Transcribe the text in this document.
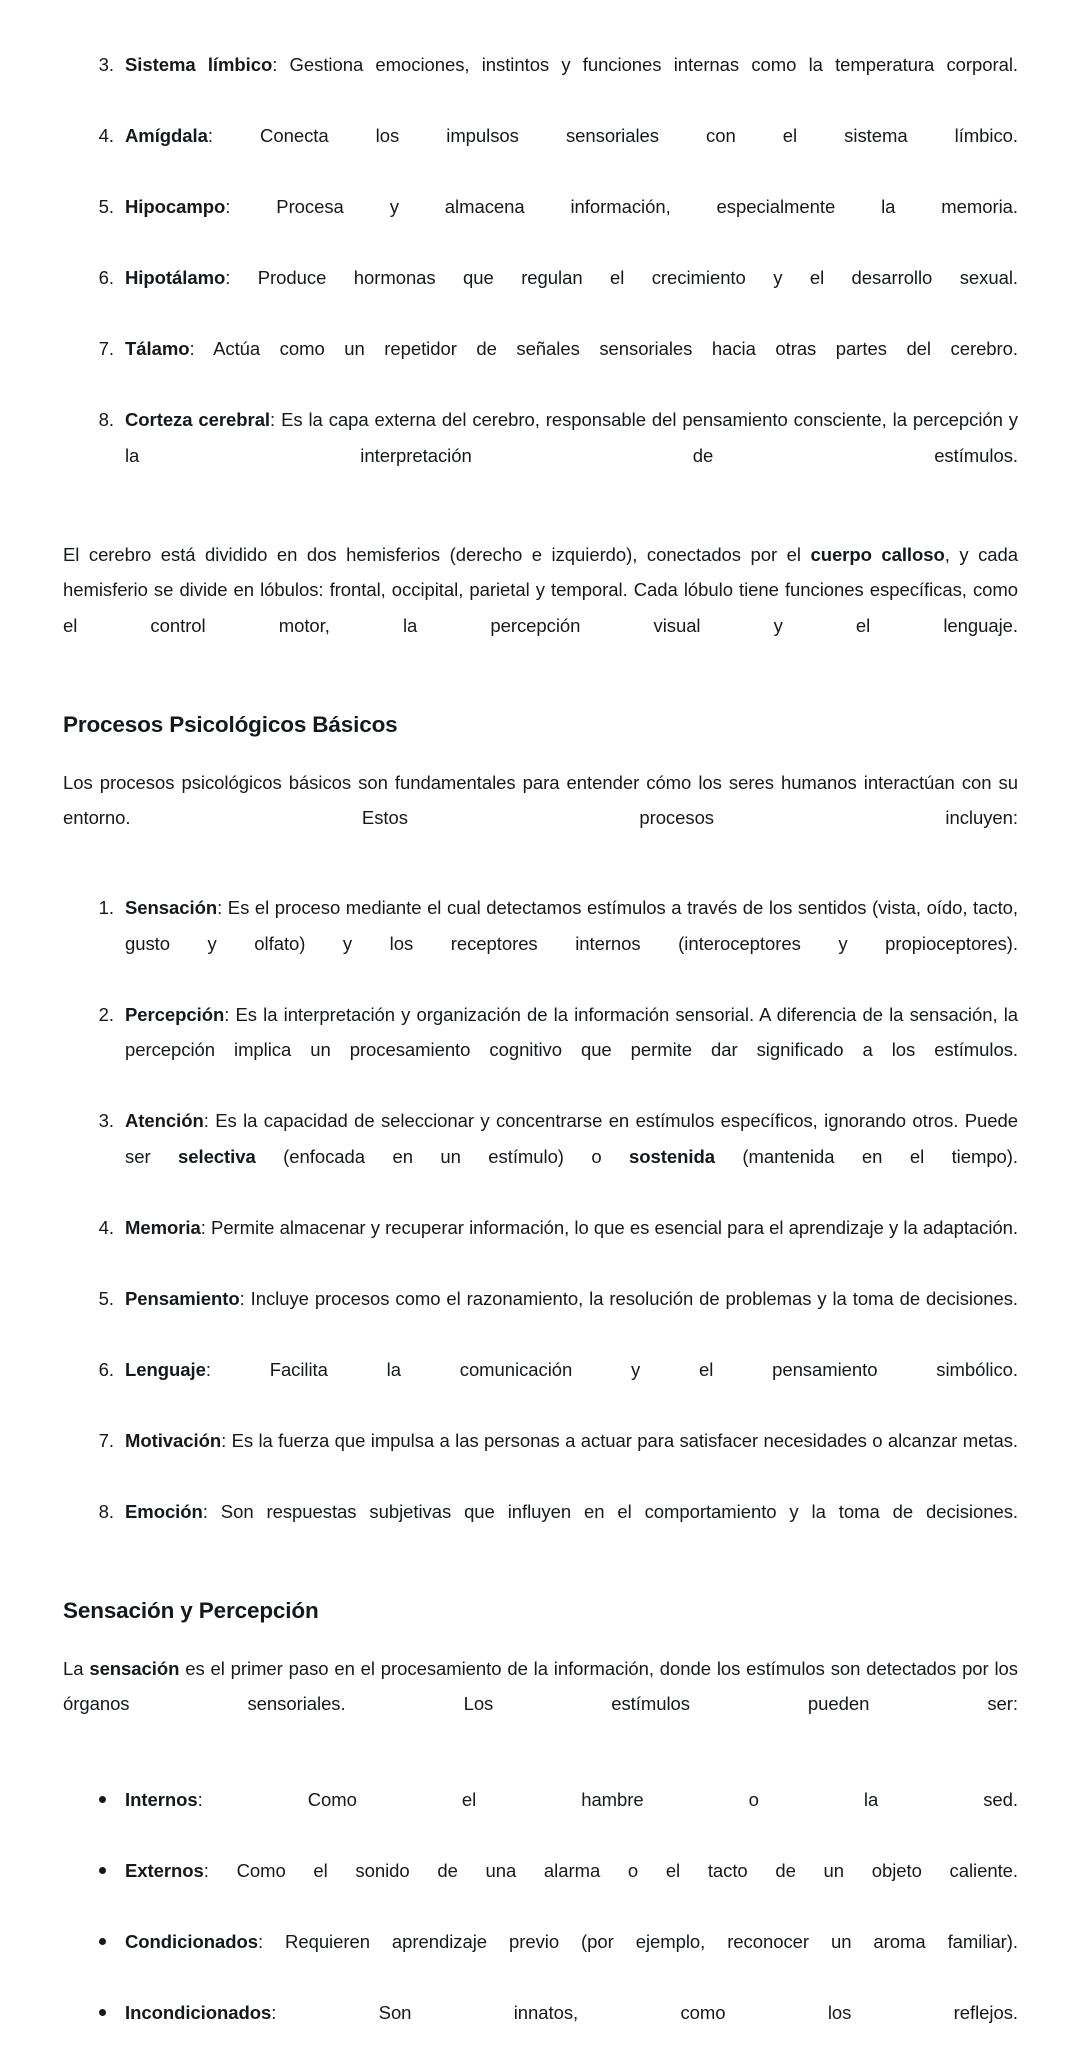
3. Sistema límbico: Gestiona emociones, instintos y funciones internas como la temperatura corporal.
4. Amígdala: Conecta los impulsos sensoriales con el sistema límbico.
5. Hipocampo: Procesa y almacena información, especialmente la memoria.
6. Hipotálamo: Produce hormonas que regulan el crecimiento y el desarrollo sexual.
7. Tálamo: Actúa como un repetidor de señales sensoriales hacia otras partes del cerebro.
8. Corteza cerebral: Es la capa externa del cerebro, responsable del pensamiento consciente, la percepción y la interpretación de estímulos.

El cerebro está dividido en dos hemisferios (derecho e izquierdo), conectados por el cuerpo calloso, y cada hemisferio se divide en lóbulos: frontal, occipital, parietal y temporal. Cada lóbulo tiene funciones específicas, como el control motor, la percepción visual y el lenguaje.

Procesos Psicológicos Básicos

Los procesos psicológicos básicos son fundamentales para entender cómo los seres humanos interactúan con su entorno. Estos procesos incluyen:

1. Sensación: Es el proceso mediante el cual detectamos estímulos a través de los sentidos (vista, oído, tacto, gusto y olfato) y los receptores internos (interoceptores y propioceptores).
2. Percepción: Es la interpretación y organización de la información sensorial. A diferencia de la sensación, la percepción implica un procesamiento cognitivo que permite dar significado a los estímulos.
3. Atención: Es la capacidad de seleccionar y concentrarse en estímulos específicos, ignorando otros. Puede ser selectiva (enfocada en un estímulo) o sostenida (mantenida en el tiempo).
4. Memoria: Permite almacenar y recuperar información, lo que es esencial para el aprendizaje y la adaptación.
5. Pensamiento: Incluye procesos como el razonamiento, la resolución de problemas y la toma de decisiones.
6. Lenguaje: Facilita la comunicación y el pensamiento simbólico.
7. Motivación: Es la fuerza que impulsa a las personas a actuar para satisfacer necesidades o alcanzar metas.
8. Emoción: Son respuestas subjetivas que influyen en el comportamiento y la toma de decisiones.
Sensación y Percepción

La sensación es el primer paso en el procesamiento de la información, donde los estímulos son detectados por los órganos sensoriales. Los estímulos pueden ser:

Internos: Como el hambre o la sed.
Externos: Como el sonido de una alarma o el tacto de un objeto caliente.
Condicionados: Requieren aprendizaje previo (por ejemplo, reconocer un aroma familiar).
Incondicionados: Son innatos, como los reflejos.
